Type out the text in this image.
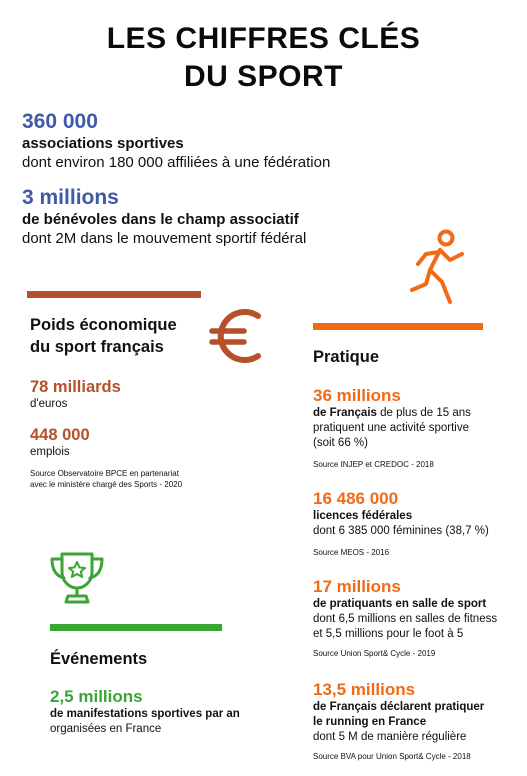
LES CHIFFRES CLÉS
DU SPORT
360 000
associations sportives
dont environ 180 000 affiliées à une fédération
3 millions
de bénévoles dans le champ associatif
dont 2M dans le mouvement sportif fédéral
Poids économique
du sport français
78 milliards
d'euros
448 000
emplois
Source Observatoire BPCE en partenariat
avec le ministère chargé des Sports - 2020
Pratique
36 millions
de Français de plus de 15 ans
pratiquent une activité sportive
(soit 66 %)
Source INJEP et CREDOC - 2018
16 486 000
licences fédérales
dont 6 385 000 féminines (38,7 %)
Source MEOS - 2016
17 millions
de pratiquants en salle de sport
dont 6,5 millions en salles de fitness
et 5,5 millions pour le foot à 5
Source Union Sport& Cycle - 2019
13,5 millions
de Français déclarent pratiquer
le running en France
dont 5 M de manière régulière
Source BVA pour Union Sport& Cycle - 2018
Événements
2,5 millions
de manifestations sportives par an
organisées en France
